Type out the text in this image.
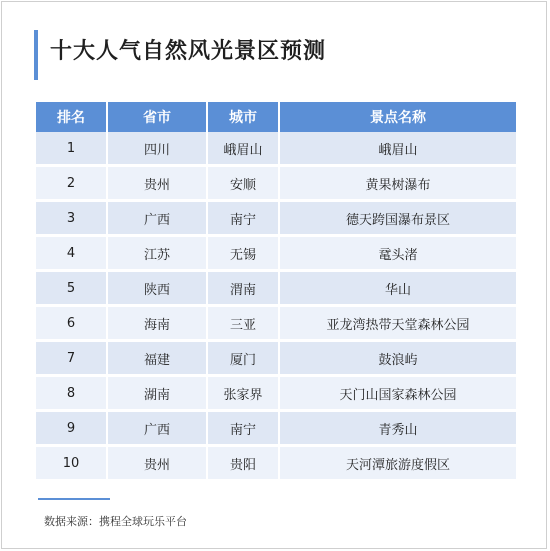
十大人气自然风光景区预测
排名	省市	城市	景点名称
1	四川	峨眉山	峨眉山
2	贵州	安顺	黄果树瀑布
3	广西	南宁	德天跨国瀑布景区
4	江苏	无锡	鼋头渚
5	陕西	渭南	华山
6	海南	三亚	亚龙湾热带天堂森林公园
7	福建	厦门	鼓浪屿
8	湖南	张家界	天门山国家森林公园
9	广西	南宁	青秀山
10	贵州	贵阳	天河潭旅游度假区
数据来源：携程全球玩乐平台
